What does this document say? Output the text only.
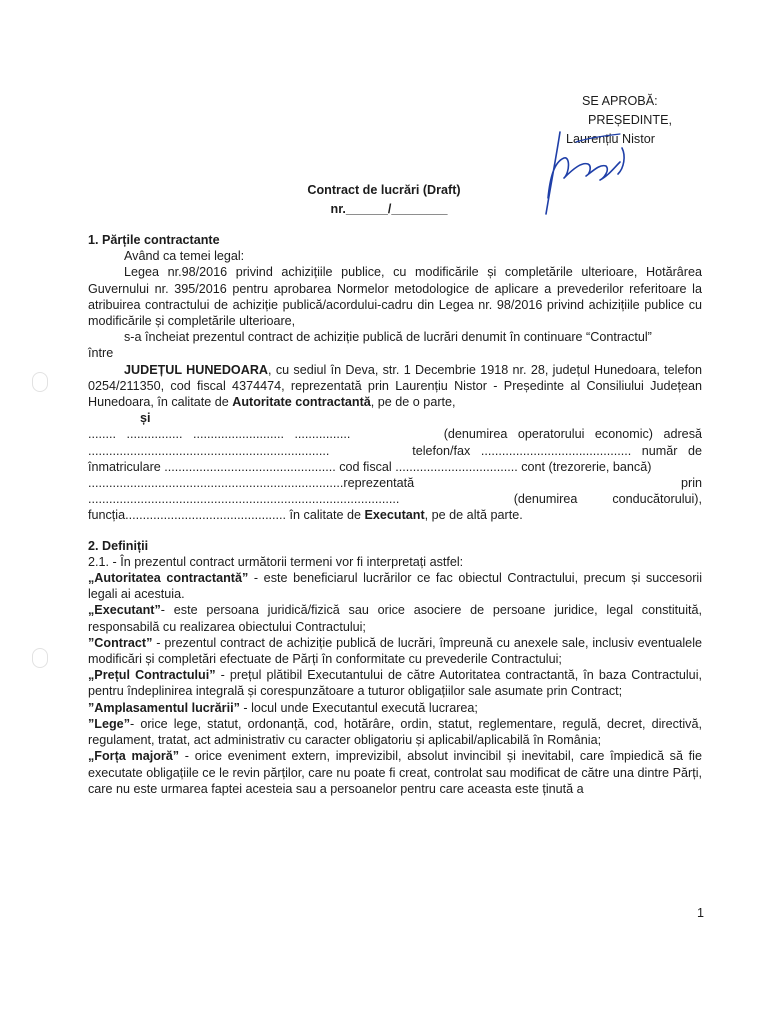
SE APROBĂ:
PREȘEDINTE,
Laurențiu Nistor
Contract de lucrări (Draft)
nr.______/________

1. Părțile contractante

Având ca temei legal:

Legea nr.98/2016 privind achizițiile publice, cu modificările și completările ulterioare, Hotărârea Guvernului nr. 395/2016 pentru aprobarea Normelor metodologice de aplicare a prevederilor referitoare la atribuirea contractului de achiziție publică/acordului-cadru din Legea nr. 98/2016 privind achizițiile publice cu modificările și completările ulterioare,

s-a încheiat prezentul contract de achiziție publică de lucrări denumit în continuare “Contractul”

între

JUDEȚUL HUNEDOARA, cu sediul în Deva, str. 1 Decembrie 1918 nr. 28, județul Hunedoara, telefon 0254/211350, cod fiscal 4374474, reprezentată prin Laurențiu Nistor - Președinte al Consiliului Județean Hunedoara, în calitate de Autoritate contractantă, pe de o parte,

și

........   ................   ..........................   ................	(denumirea   operatorului   economic)   adresă

.....................................................................	telefon/fax   ...........................................   număr   de

înmatriculare ................................................. cod fiscal ................................... cont (trezorerie, bancă)

.........................................................................reprezentată	prin

.........................................................................................	(denumirea          conducătorului),

funcția.............................................. în calitate de Executant, pe de altă parte.

2. Definiții

2.1. - În prezentul contract următorii termeni vor fi interpretați astfel:

„Autoritatea contractantă” - este beneficiarul lucrărilor ce fac obiectul Contractului, precum și succesorii legali ai acestuia.

„Executant”- este persoana juridică/fizică sau orice asociere de persoane juridice, legal constituită, responsabilă cu realizarea obiectului Contractului;

”Contract” - prezentul contract de achiziție publică de lucrări, împreună cu anexele sale, inclusiv eventualele modificări și completări efectuate de Părți în conformitate cu prevederile Contractului;

„Prețul Contractului” - prețul plătibil Executantului de către Autoritatea contractantă, în baza Contractului, pentru îndeplinirea integrală și corespunzătoare a tuturor obligațiilor sale asumate prin Contract;

”Amplasamentul lucrării” - locul unde Executantul execută lucrarea;

”Lege”- orice lege, statut, ordonanță, cod, hotărâre, ordin, statut, reglementare, regulă, decret, directivă, regulament, tratat, act administrativ cu caracter obligatoriu și aplicabil/aplicabilă în România;

„Forța majoră” - orice eveniment extern, imprevizibil, absolut invincibil și inevitabil, care împiedică să fie executate obligațiile ce le revin părților, care nu poate fi creat, controlat sau modificat de către una dintre Părți, care nu este urmarea faptei acesteia sau a persoanelor pentru care aceasta este ținută a

1
